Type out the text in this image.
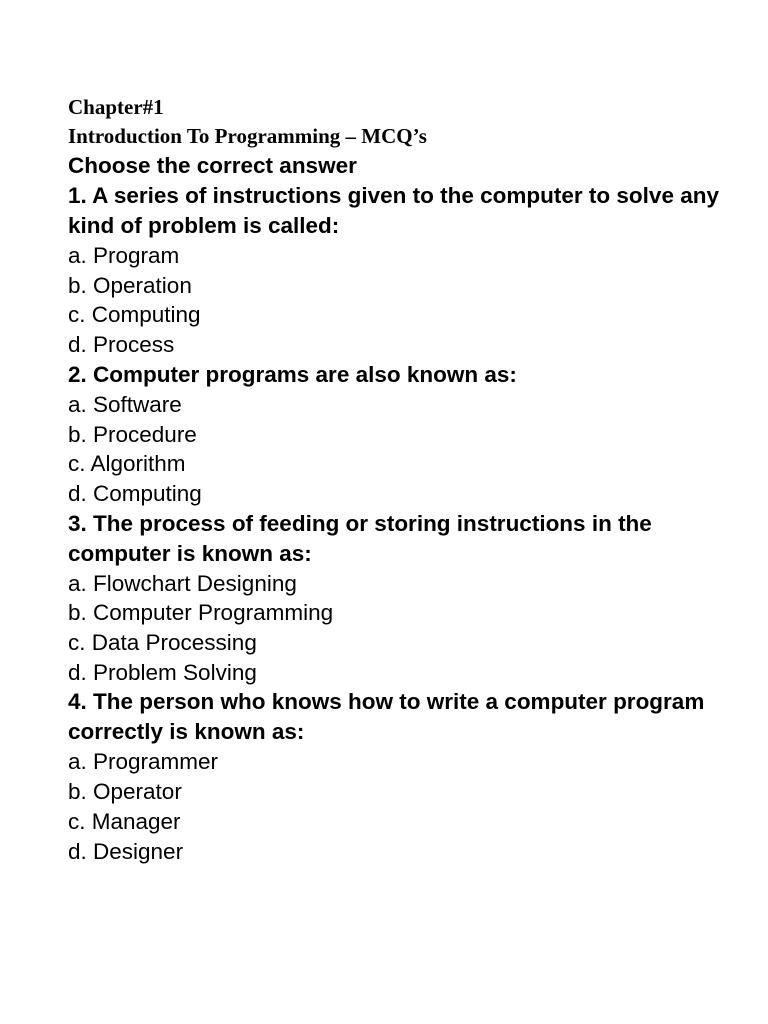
Chapter#1
Introduction To Programming – MCQ’s
Choose the correct answer
1. A series of instructions given to the computer to solve any kind of problem is called:
a. Program
b. Operation
c. Computing
d. Process
2. Computer programs are also known as:
a. Software
b. Procedure
c. Algorithm
d. Computing
3. The process of feeding or storing instructions in the computer is known as:
a. Flowchart Designing
b. Computer Programming
c. Data Processing
d. Problem Solving
4. The person who knows how to write a computer program correctly is known as:
a. Programmer
b. Operator
c. Manager
d. Designer
